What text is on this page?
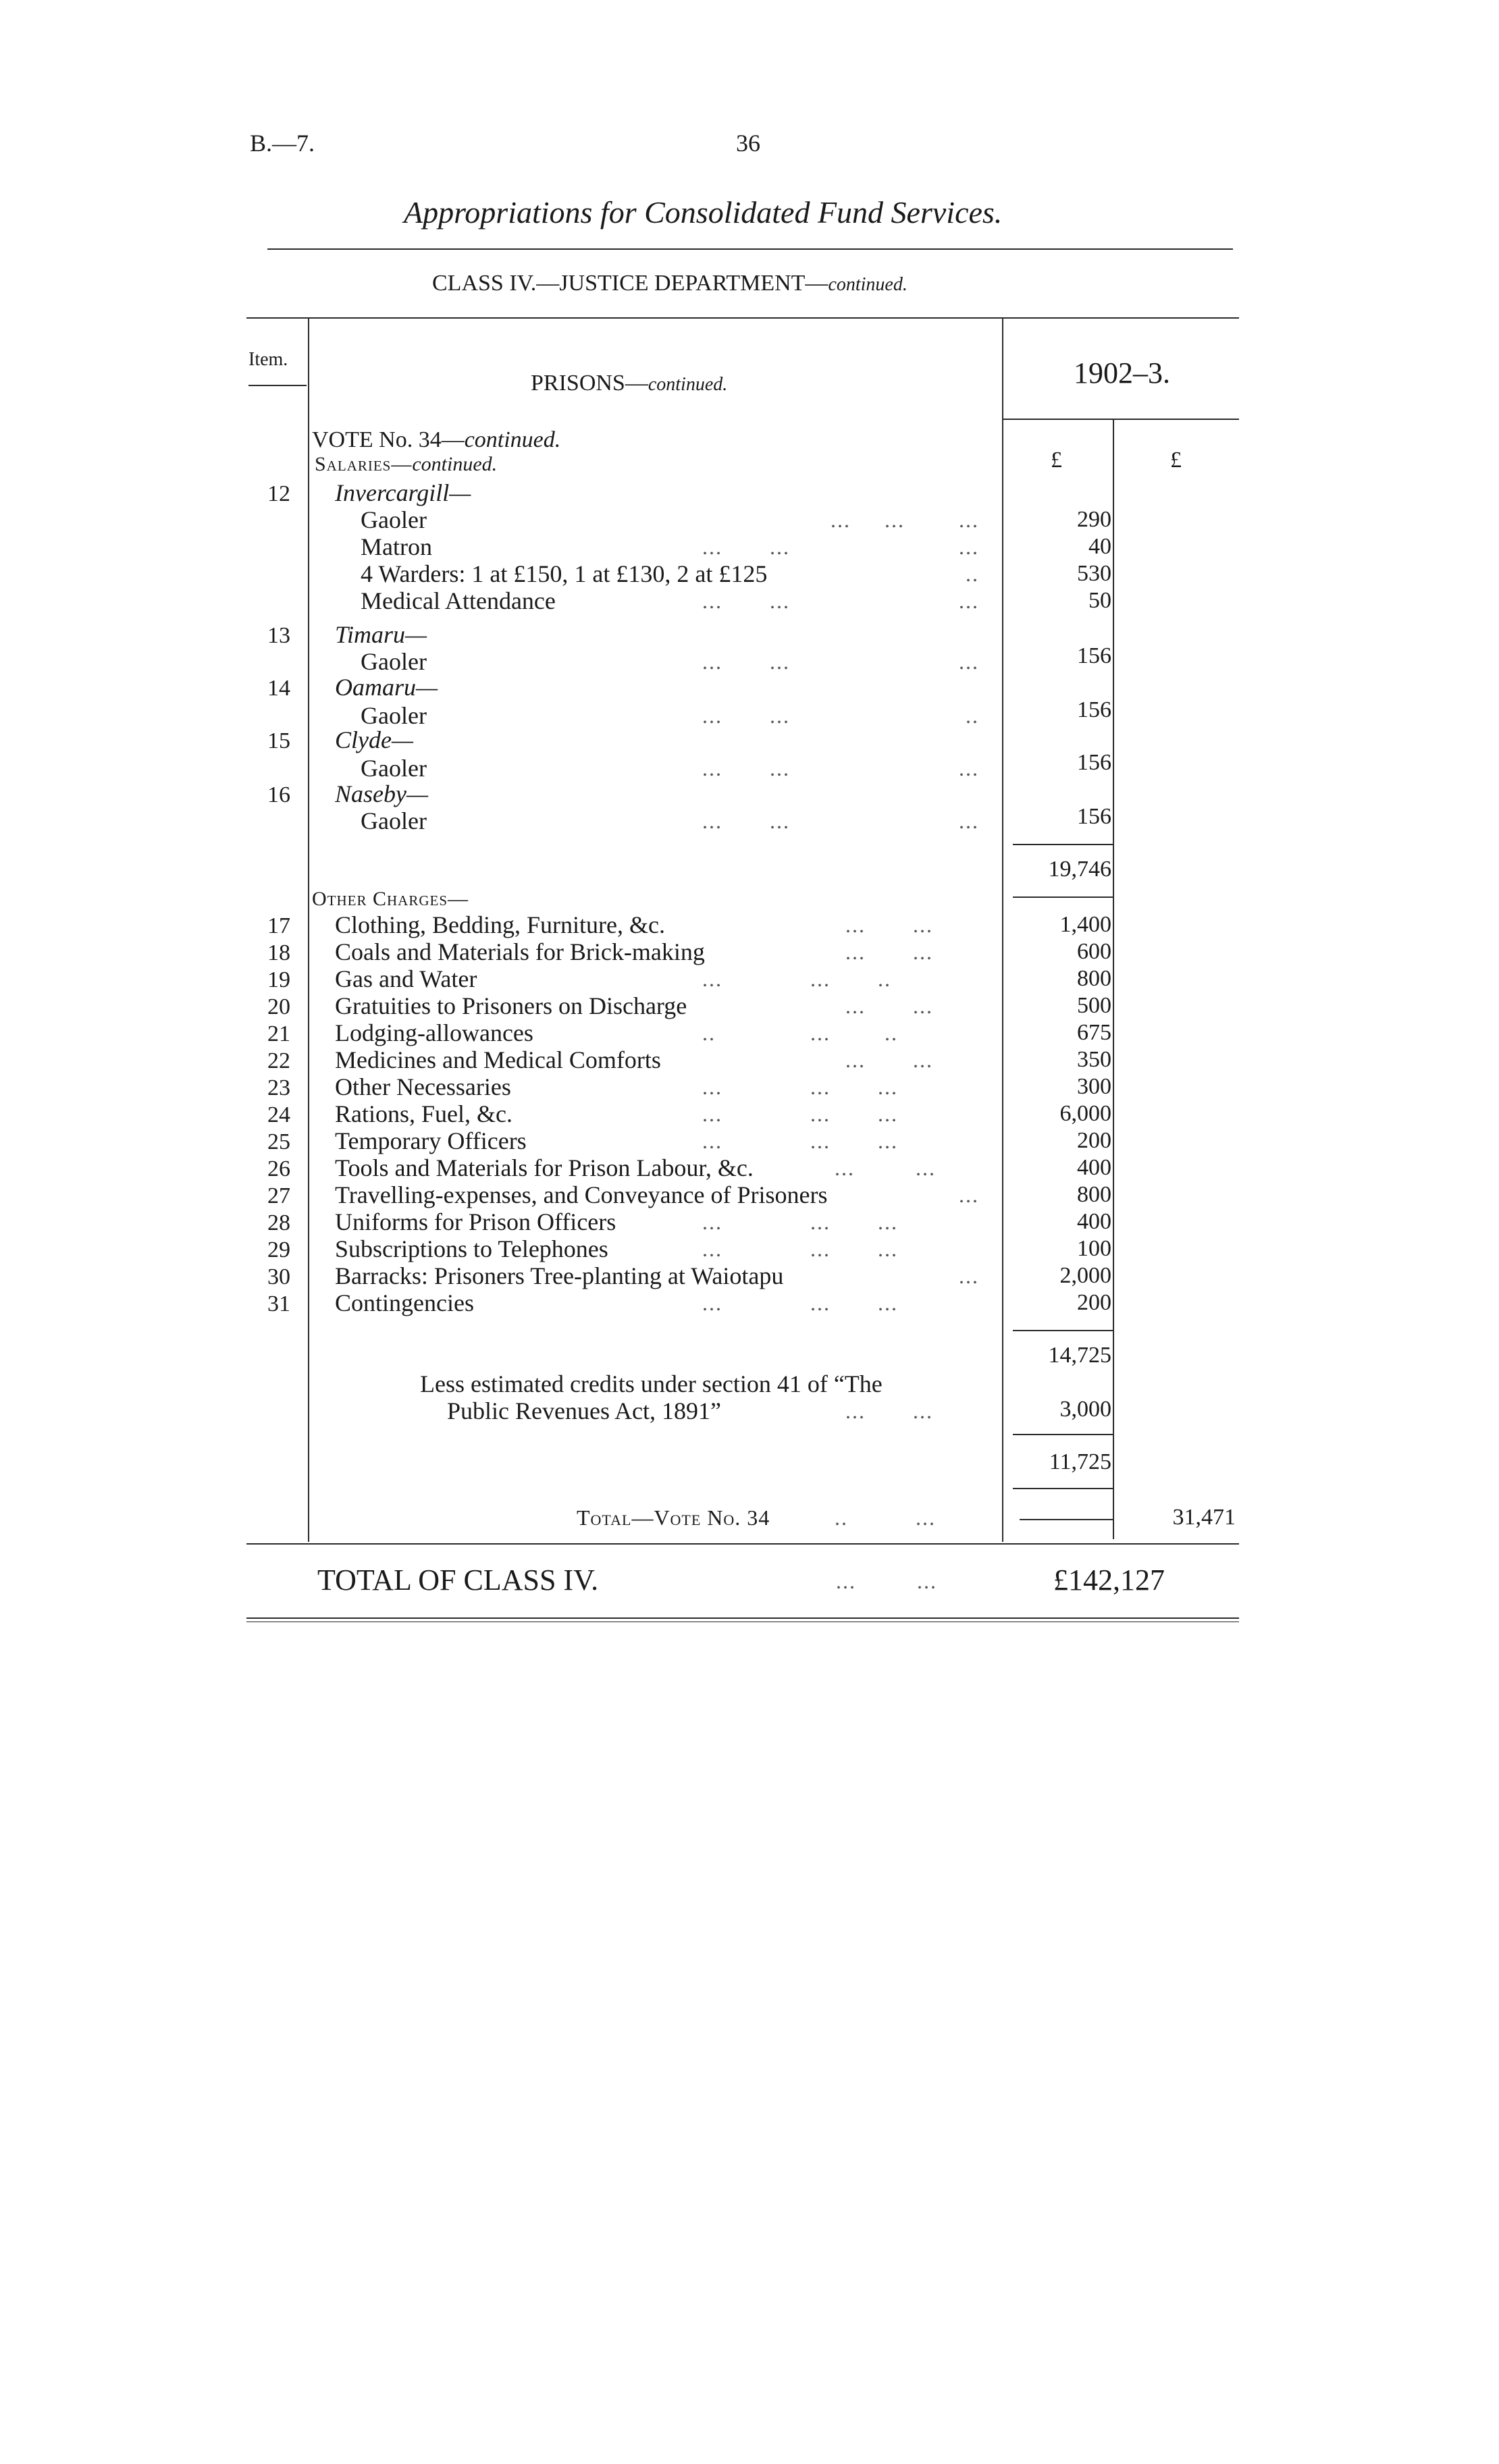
B.—7.	36
Appropriations for Consolidated Fund Services.
CLASS IV.—JUSTICE DEPARTMENT—continued.
Item.
PRISONS—continued.	1902–3.
£	£
VOTE No. 34—continued.
Salaries—continued.
12 Invercargill—
Gaoler	...     ...	...	290
Matron	...       ...	...	40
4 Warders: 1 at £150, 1 at £130, 2 at £125	..	530
Medical Attendance	...       ...	...	50
13 Timaru—
Gaoler	...       ...	...	156
14 Oamaru—
Gaoler	...       ...	..	156
15 Clyde—
Gaoler	...       ...	...	156
16 Naseby—
Gaoler	...       ...	...	156
19,746
Other Charges—
17 Clothing, Bedding, Furniture, &c.	...       ...	1,400
18 Coals and Materials for Brick-making	...       ...	600
19 Gas and Water	...             ...       ..	800
20 Gratuities to Prisoners on Discharge	...       ...	500
21 Lodging-allowances	..              ...        ..	675
22 Medicines and Medical Comforts	...       ...	350
23 Other Necessaries	...             ...       ...	300
24 Rations, Fuel, &c.	...             ...       ...	6,000
25 Temporary Officers	...             ...       ...	200
26 Tools and Materials for Prison Labour, &c.	...         ...	400
27 Travelling-expenses, and Conveyance of Prisoners	...	800
28 Uniforms for Prison Officers	...             ...       ...	400
29 Subscriptions to Telephones	...             ...       ...	100
30 Barracks: Prisoners Tree-planting at Waiotapu	...	2,000
31 Contingencies	...             ...       ...	200
14,725
Less estimated credits under section 41 of “The
Public Revenues Act, 1891”	...       ...	3,000
11,725
Total—Vote No. 34	..          ...	31,471
TOTAL OF CLASS IV.	...         ...	£142,127
